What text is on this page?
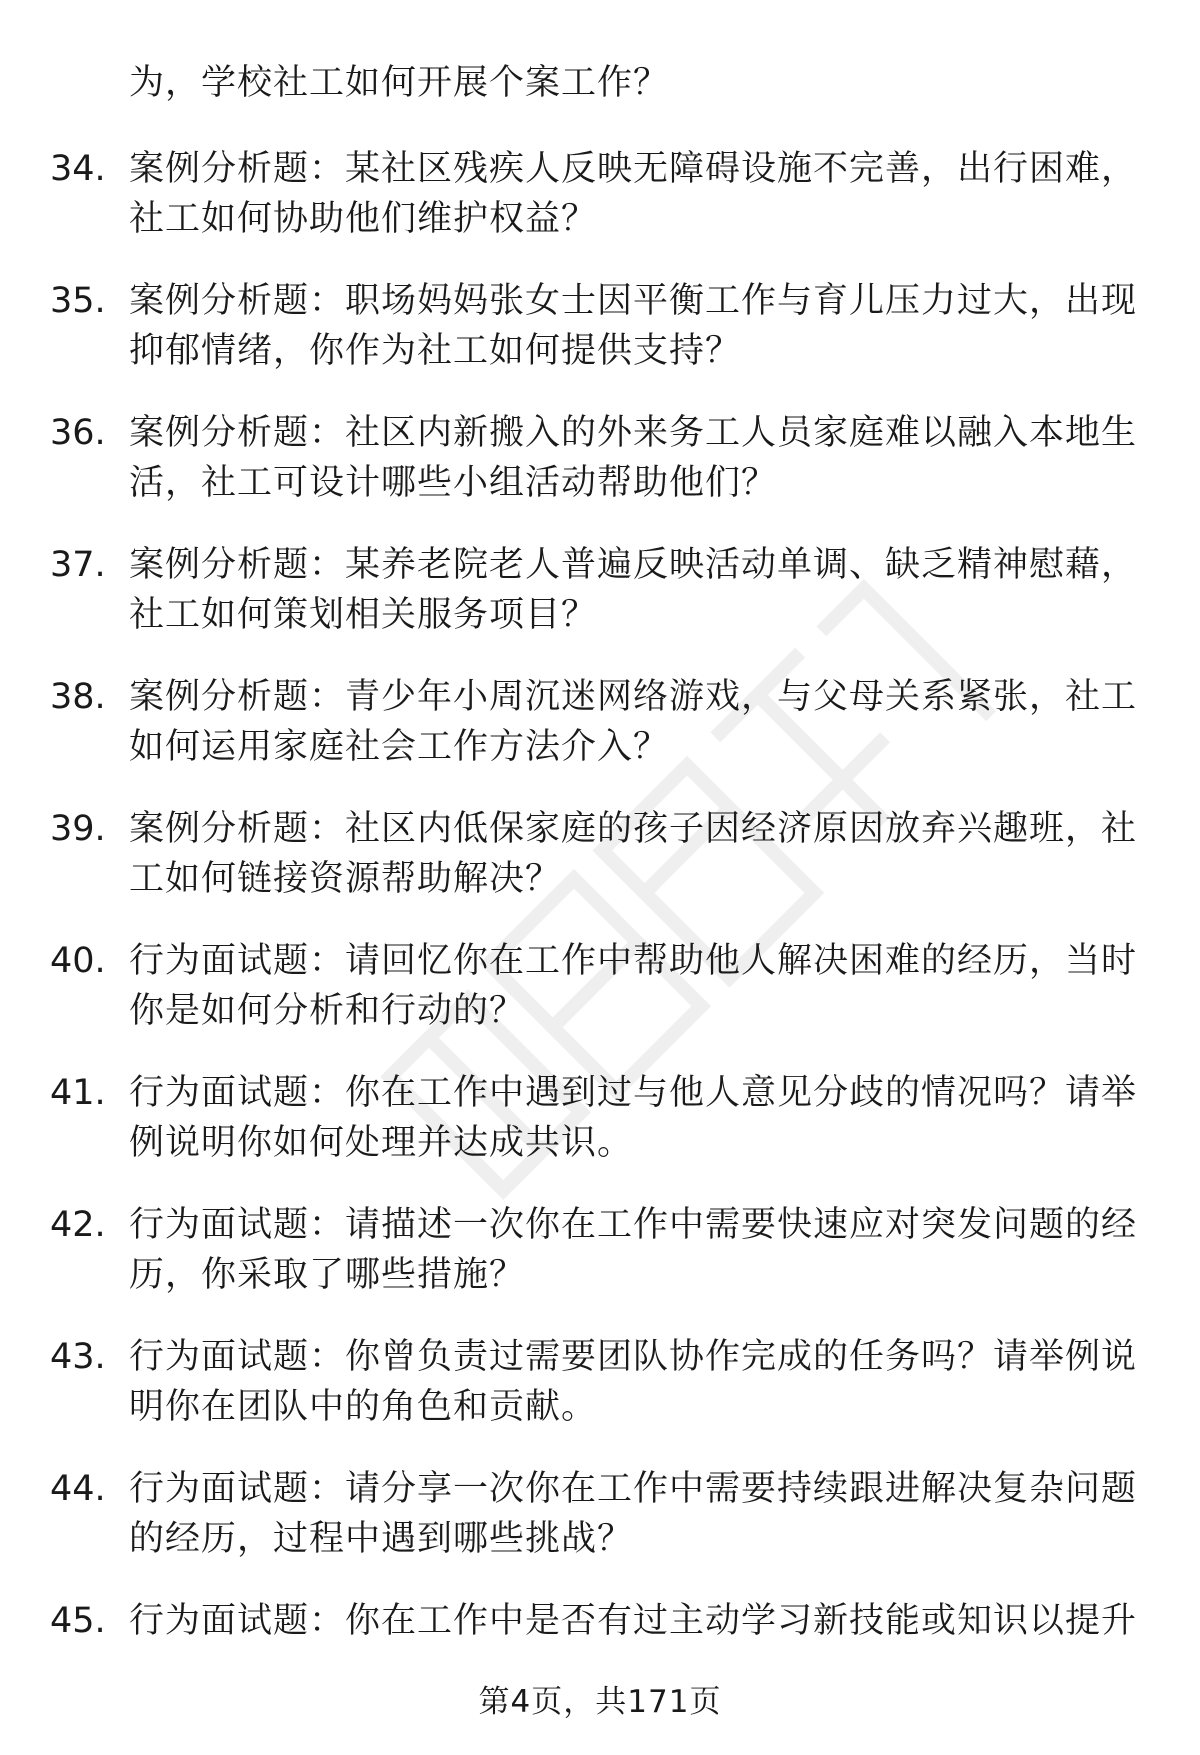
为，学校社工如何开展个案工作？
34. 案例分析题：某社区残疾人反映无障碍设施不完善，出行困难，
社工如何协助他们维护权益？
35. 案例分析题：职场妈妈张女士因平衡工作与育儿压力过大，出现
抑郁情绪，你作为社工如何提供支持？
36. 案例分析题：社区内新搬入的外来务工人员家庭难以融入本地生
活，社工可设计哪些小组活动帮助他们？
37. 案例分析题：某养老院老人普遍反映活动单调、缺乏精神慰藉，
社工如何策划相关服务项目？
38. 案例分析题：青少年小周沉迷网络游戏，与父母关系紧张，社工
如何运用家庭社会工作方法介入？
39. 案例分析题：社区内低保家庭的孩子因经济原因放弃兴趣班，社
工如何链接资源帮助解决？
40. 行为面试题：请回忆你在工作中帮助他人解决困难的经历，当时
你是如何分析和行动的？
41. 行为面试题：你在工作中遇到过与他人意见分歧的情况吗？请举
例说明你如何处理并达成共识。
42. 行为面试题：请描述一次你在工作中需要快速应对突发问题的经
历，你采取了哪些措施？
43. 行为面试题：你曾负责过需要团队协作完成的任务吗？请举例说
明你在团队中的角色和贡献。
44. 行为面试题：请分享一次你在工作中需要持续跟进解决复杂问题
的经历，过程中遇到哪些挑战？
45. 行为面试题：你在工作中是否有过主动学习新技能或知识以提升
第4页，共171页
